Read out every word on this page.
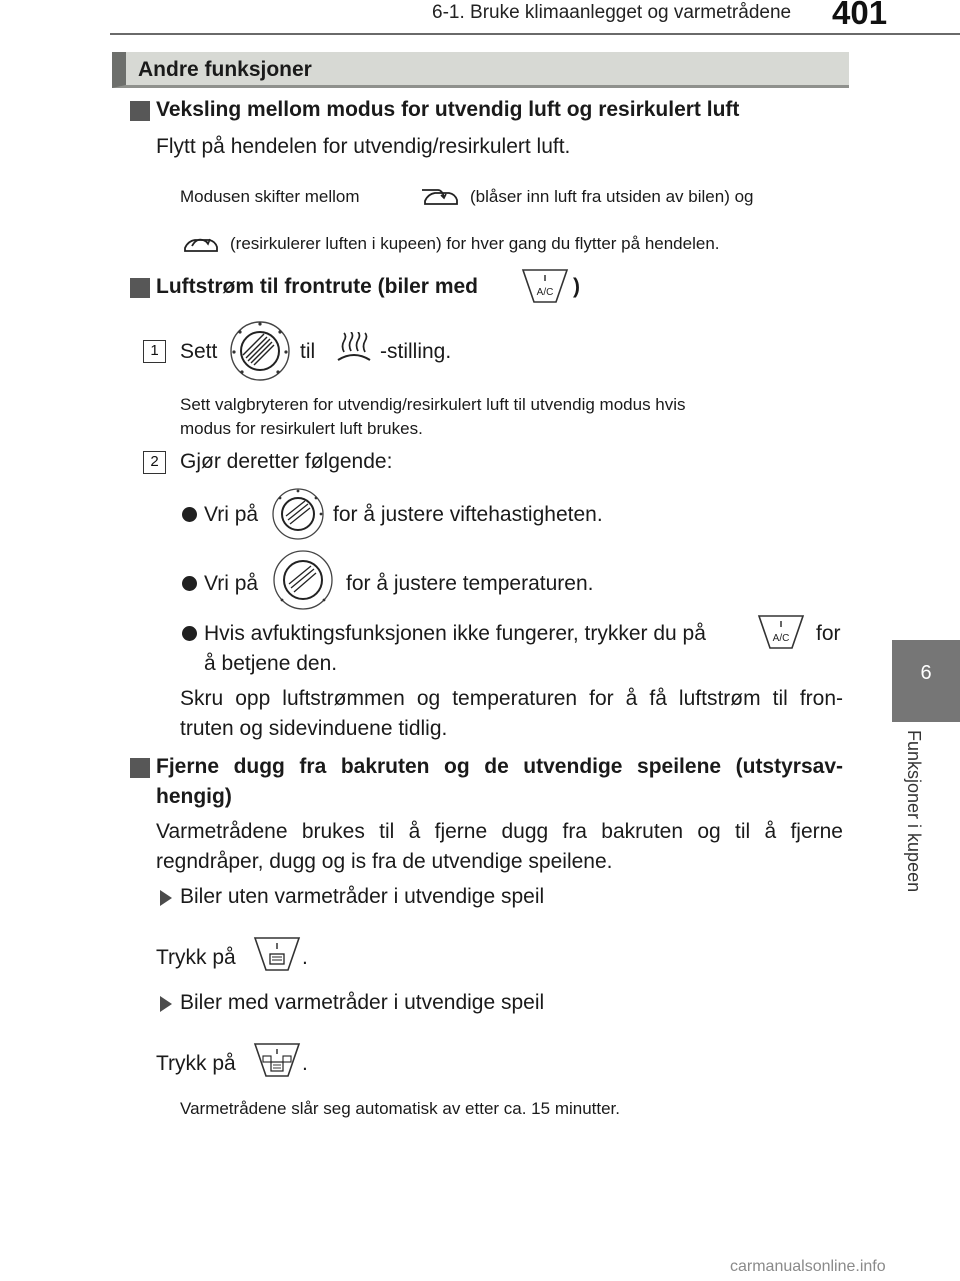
6-1. Bruke klimaanlegget og varmetrådene 401
6
Funksjoner i kupeen
Andre funksjoner
Veksling mellom modus for utvendig luft og resirkulert luft
Flytt på hendelen for utvendig/resirkulert luft.
Modusen skifter mellom	(blåser inn luft fra utsiden av bilen) og
(resirkulerer luften i kupeen) for hver gang du flytter på hendelen.
Luftstrøm til frontrute (biler med	A/C )
1	Sett	til	-stilling.
Sett valgbryteren for utvendig/resirkulert luft til utvendig modus hvis
modus for resirkulert luft brukes.
2	Gjør deretter følgende:
Vri på	for å justere viftehastigheten.
Vri på	for å justere temperaturen.
Hvis avfuktingsfunksjonen ikke fungerer, trykker du på	A/C for
å betjene den.
Skru opp luftstrømmen og temperaturen for å få luftstrøm til fron-
truten og sidevinduene tidlig.
Fjerne dugg fra bakruten og de utvendige speilene (utstyrsav-
hengig)
Varmetrådene brukes til å fjerne dugg fra bakruten og til å fjerne
regndråper, dugg og is fra de utvendige speilene.
Biler uten varmetråder i utvendige speil
Trykk på	.
Biler med varmetråder i utvendige speil
Trykk på	.
Varmetrådene slår seg automatisk av etter ca. 15 minutter.
carmanualsonline.info
